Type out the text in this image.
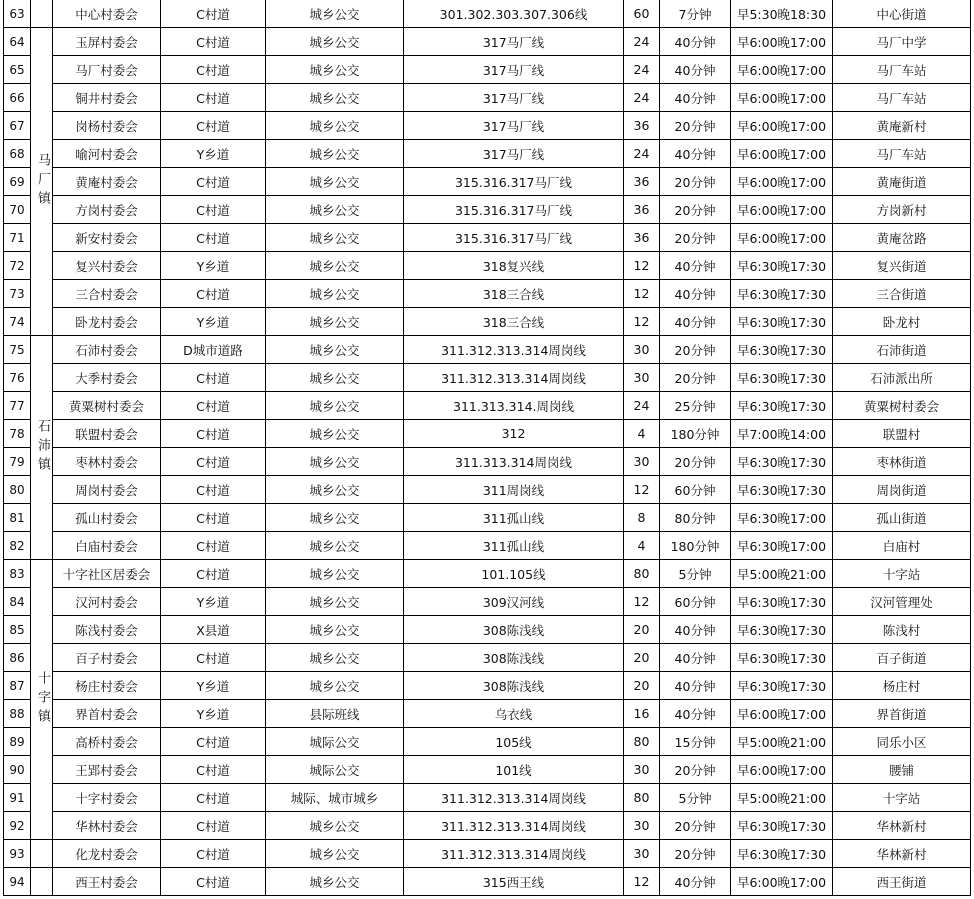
63		中心村委会	C村道	城乡公交	301.302.303.307.306线	60	7分钟	早5:30晚18:30	中心街道
64	马厂镇	玉屏村委会	C村道	城乡公交	317马厂线	24	40分钟	早6:00晚17:00	马厂中学
65		马厂村委会	C村道	城乡公交	317马厂线	24	40分钟	早6:00晚17:00	马厂车站
66		铜井村委会	C村道	城乡公交	317马厂线	24	40分钟	早6:00晚17:00	马厂车站
67		岗杨村委会	C村道	城乡公交	317马厂线	36	20分钟	早6:00晚17:00	黄庵新村
68		喻河村委会	Y乡道	城乡公交	317马厂线	24	40分钟	早6:00晚17:00	马厂车站
69		黄庵村委会	C村道	城乡公交	315.316.317马厂线	36	20分钟	早6:00晚17:00	黄庵街道
70		方岗村委会	C村道	城乡公交	315.316.317马厂线	36	20分钟	早6:00晚17:00	方岗新村
71		新安村委会	C村道	城乡公交	315.316.317马厂线	36	20分钟	早6:00晚17:00	黄庵岔路
72		复兴村委会	Y乡道	城乡公交	318复兴线	12	40分钟	早6:30晚17:30	复兴街道
73		三合村委会	C村道	城乡公交	318三合线	12	40分钟	早6:30晚17:30	三合街道
74		卧龙村委会	Y乡道	城乡公交	318三合线	12	40分钟	早6:30晚17:30	卧龙村
75	石沛镇	石沛村委会	D城市道路	城乡公交	311.312.313.314周岗线	30	20分钟	早6:30晚17:30	石沛街道
76		大季村委会	C村道	城乡公交	311.312.313.314周岗线	30	20分钟	早6:30晚17:30	石沛派出所
77		黄粟树村委会	C村道	城乡公交	311.313.314.周岗线	24	25分钟	早6:30晚17:30	黄粟树村委会
78		联盟村委会	C村道	城乡公交	312	4	180分钟	早7:00晚14:00	联盟村
79		枣林村委会	C村道	城乡公交	311.313.314周岗线	30	20分钟	早6:30晚17:30	枣林街道
80		周岗村委会	C村道	城乡公交	311周岗线	12	60分钟	早6:30晚17:30	周岗街道
81		孤山村委会	C村道	城乡公交	311孤山线	8	80分钟	早6:30晚17:00	孤山街道
82		白庙村委会	C村道	城乡公交	311孤山线	4	180分钟	早6:30晚17:00	白庙村
83	十字镇	十字社区居委会	C村道	城乡公交	101.105线	80	5分钟	早5:00晚21:00	十字站
84		汉河村委会	Y乡道	城乡公交	309汉河线	12	60分钟	早6:30晚17:30	汉河管理处
85		陈浅村委会	X县道	城乡公交	308陈浅线	20	40分钟	早6:30晚17:30	陈浅村
86		百子村委会	C村道	城乡公交	308陈浅线	20	40分钟	早6:30晚17:30	百子街道
87		杨庄村委会	Y乡道	城乡公交	308陈浅线	20	40分钟	早6:30晚17:30	杨庄村
88		界首村委会	Y乡道	县际班线	乌衣线	16	40分钟	早6:00晚17:00	界首街道
89		高桥村委会	C村道	城际公交	105线	80	15分钟	早5:00晚21:00	同乐小区
90		王郢村委会	C村道	城际公交	101线	30	20分钟	早6:00晚17:00	腰铺
91		十字村委会	C村道	城际、城市城乡	311.312.313.314周岗线	80	5分钟	早5:00晚21:00	十字站
92		华林村委会	C村道	城乡公交	311.312.313.314周岗线	30	20分钟	早6:30晚17:30	华林新村
93		化龙村委会	C村道	城乡公交	311.312.313.314周岗线	30	20分钟	早6:30晚17:30	华林新村
94		西王村委会	C村道	城乡公交	315西王线	12	40分钟	早6:00晚17:00	西王街道
